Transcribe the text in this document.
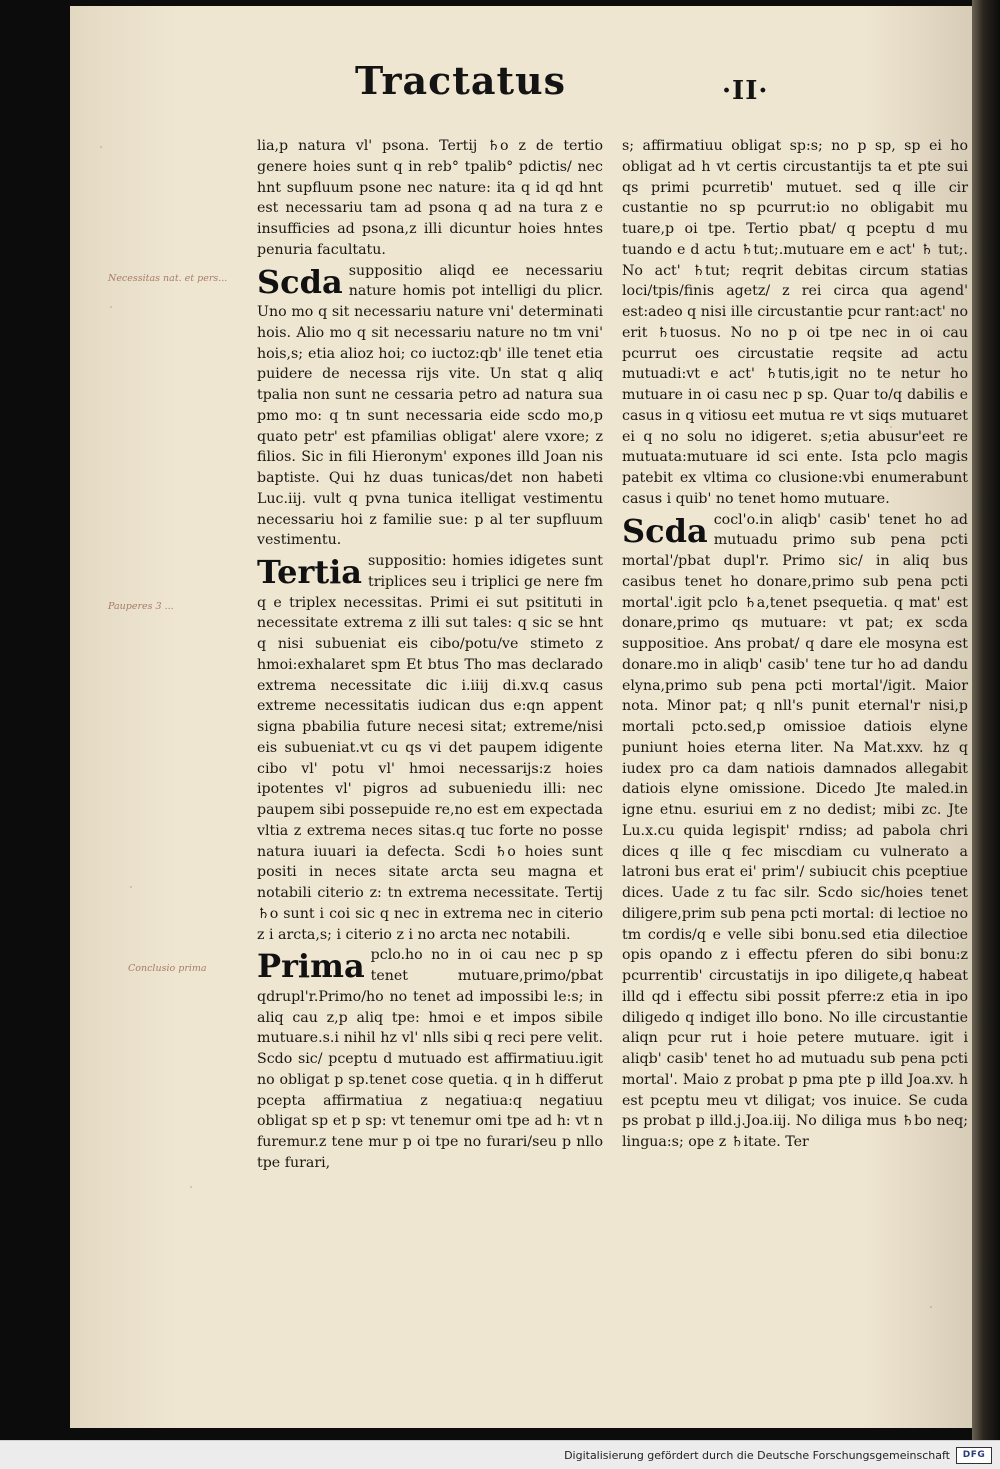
Tractatus	·II·
Necessitas nat. et pers...
Pauperes 3 ...
Conclusio prima

lia,p natura vl' psona. Tertij ♄o z de tertio genere hoies sunt q in reb° tpalib° pdictis/ nec hnt supfluum psone nec nature: ita q id qd hnt est necessariu tam ad psona q ad na tura z e insufficies ad psona,z illi dicuntur hoies hntes penuria facultatu.

Scda suppositio aliqd ee necessariu nature homis pot intelligi du plicr. Uno mo q sit necessariu nature vni' determinati hois. Alio mo q sit necessariu nature no tm vni' hois,s; etia alioz hoi; co iuctoz:qb' ille tenet etia puidere de necessa rijs vite. Un stat q aliq tpalia non sunt ne cessaria petro ad natura sua pmo mo: q tn sunt necessaria eide scdo mo,p quato petr' est pfamilias obligat' alere vxore; z filios. Sic in fili Hieronym' expones illd Joan nis baptiste. Qui hz duas tunicas/det non habeti Luc.iij. vult q pvna tunica itelligat vestimentu necessariu hoi z familie sue: p al ter supfluum vestimentu.

Tertia suppositio: homies idigetes sunt triplices seu i triplici ge nere fm q e triplex necessitas. Primi ei sut psitituti in necessitate extrema z illi sut tales: q sic se hnt q nisi subueniat eis cibo/potu/ve stimeto z hmoi:exhalaret spm Et btus Tho mas declarado extrema necessitate dic i.iiij di.xv.q casus extreme necessitatis iudican dus e:qn appent signa pbabilia future necesi sitat; extreme/nisi eis subueniat.vt cu qs vi det paupem idigente cibo vl' potu vl' hmoi necessarijs:z hoies ipotentes vl' pigros ad subueniedu illi: nec paupem sibi possepuide re,no est em expectada vltia z extrema neces sitas.q tuc forte no posse natura iuuari ia defecta. Scdi ♄o hoies sunt positi in neces sitate arcta seu magna et notabili citerio z: tn extrema necessitate. Tertij ♄o sunt i coi sic q nec in extrema nec in citerio z i arcta,s; i citerio z i no arcta nec notabili.

Prima pclo.ho no in oi cau nec p sp tenet mutuare,primo/pbat qdrupl'r.Primo/ho no tenet ad impossibi le:s; in aliq cau z,p aliq tpe: hmoi e et impos sibile mutuare.s.i nihil hz vl' nlls sibi q reci pere velit. Scdo sic/ pceptu d mutuado est affirmatiuu.igit no obligat p sp.tenet cose quetia. q in h differut pcepta affirmatiua z negatiua:q negatiuu obligat sp et p sp: vt tenemur omi tpe ad h: vt n furemur.z tene mur p oi tpe no furari/seu p nllo tpe furari,

s; affirmatiuu obligat sp:s; no p sp, sp ei ho obligat ad h vt certis circustantijs ta et pte sui qs primi pcurretib' mutuet. sed q ille cir custantie no sp pcurrut:io no obligabit mu tuare,p oi tpe. Tertio pbat/ q pceptu d mu tuando e d actu ♄tut;.mutuare em e act' ♄ tut;. No act' ♄tut; reqrit debitas circum statias loci/tpis/finis agetz/ z rei circa qua agend' est:adeo q nisi ille circustantie pcur rant:act' no erit ♄tuosus. No no p oi tpe nec in oi cau pcurrut oes circustatie reqsite ad actu mutuadi:vt e act' ♄tutis,igit no te netur ho mutuare in oi casu nec p sp. Quar to/q dabilis e casus in q vitiosu eet mutua re vt siqs mutuaret ei q no solu no idigeret. s;etia abusur'eet re mutuata:mutuare id sci ente. Ista pclo magis patebit ex vltima co clusione:vbi enumerabunt casus i quib' no tenet homo mutuare.

Scda cocl'o.in aliqb' casib' tenet ho ad mutuadu primo sub pena pcti mortal'/pbat dupl'r. Primo sic/ in aliq bus casibus tenet ho donare,primo sub pena pcti mortal'.igit pclo ♄a,tenet psequetia. q mat' est donare,primo qs mutuare: vt pat; ex scda suppositioe. Ans probat/ q dare ele mosyna est donare.mo in aliqb' casib' tene tur ho ad dandu elyna,primo sub pena pcti mortal'/igit. Maior nota. Minor pat; q nll's punit eternal'r nisi,p mortali pcto.sed,p omissioe datiois elyne puniunt hoies eterna liter. Na Mat.xxv. hz q iudex pro ca dam natiois damnados allegabit datiois elyne omissione. Dicedo Jte maled.in igne etnu. esuriui em z no dedist; mibi zc. Jte Lu.x.cu quida legispit' rndiss; ad pabola chri dices q ille q fec miscdiam cu vulnerato a latroni bus erat ei' prim'/ subiucit chis pceptiue dices. Uade z tu fac silr. Scdo sic/hoies tenet diligere,prim sub pena pcti mortal: di lectioe no tm cordis/q e velle sibi bonu.sed etia dilectioe opis opando z i effectu pferen do sibi bonu:z pcurrentib' circustatijs in ipo diligete,q habeat illd qd i effectu sibi possit pferre:z etia in ipo diligedo q indiget illo bono. No ille circustantie aliqn pcur rut i hoie petere mutuare. igit i aliqb' casib' tenet ho ad mutuadu sub pena pcti mortal'. Maio z probat p pma pte p illd Joa.xv. h est pceptu meu vt diligat; vos inuice. Se cuda ps probat p illd.j.Joa.iij. No diliga mus ♄bo neq; lingua:s; ope z ♄itate. Ter

Digitalisierung gefördert durch die Deutsche Forschungsgemeinschaft	DFG
